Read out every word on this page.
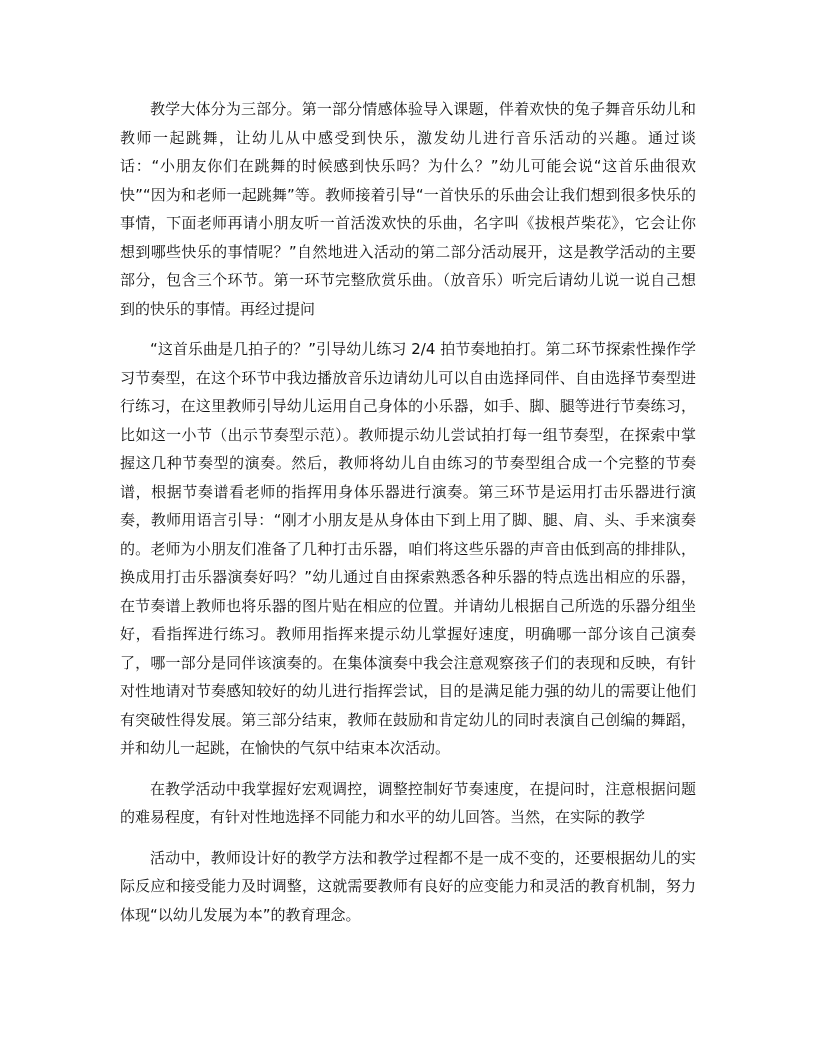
教学大体分为三部分。第一部分情感体验导入课题，伴着欢快的兔子舞音乐幼儿和教师一起跳舞，让幼儿从中感受到快乐，激发幼儿进行音乐活动的兴趣。通过谈话：“小朋友你们在跳舞的时候感到快乐吗？为什么？”幼儿可能会说“这首乐曲很欢快”“因为和老师一起跳舞”等。教师接着引导“一首快乐的乐曲会让我们想到很多快乐的事情，下面老师再请小朋友听一首活泼欢快的乐曲，名字叫《拔根芦柴花》，它会让你想到哪些快乐的事情呢？”自然地进入活动的第二部分活动展开，这是教学活动的主要部分，包含三个环节。第一环节完整欣赏乐曲。（放音乐）听完后请幼儿说一说自己想到的快乐的事情。再经过提问

“这首乐曲是几拍子的？”引导幼儿练习 2/4 拍节奏地拍打。第二环节探索性操作学习节奏型，在这个环节中我边播放音乐边请幼儿可以自由选择同伴、自由选择节奏型进行练习，在这里教师引导幼儿运用自己身体的小乐器，如手、脚、腿等进行节奏练习，比如这一小节（出示节奏型示范）。教师提示幼儿尝试拍打每一组节奏型，在探索中掌握这几种节奏型的演奏。然后，教师将幼儿自由练习的节奏型组合成一个完整的节奏谱，根据节奏谱看老师的指挥用身体乐器进行演奏。第三环节是运用打击乐器进行演奏，教师用语言引导：“刚才小朋友是从身体由下到上用了脚、腿、肩、头、手来演奏的。老师为小朋友们准备了几种打击乐器，咱们将这些乐器的声音由低到高的排排队，换成用打击乐器演奏好吗？”幼儿通过自由探索熟悉各种乐器的特点选出相应的乐器，在节奏谱上教师也将乐器的图片贴在相应的位置。并请幼儿根据自己所选的乐器分组坐好，看指挥进行练习。教师用指挥来提示幼儿掌握好速度，明确哪一部分该自己演奏了，哪一部分是同伴该演奏的。在集体演奏中我会注意观察孩子们的表现和反映，有针对性地请对节奏感知较好的幼儿进行指挥尝试，目的是满足能力强的幼儿的需要让他们有突破性得发展。第三部分结束，教师在鼓励和肯定幼儿的同时表演自己创编的舞蹈，并和幼儿一起跳，在愉快的气氛中结束本次活动。

在教学活动中我掌握好宏观调控，调整控制好节奏速度，在提问时，注意根据问题的难易程度，有针对性地选择不同能力和水平的幼儿回答。当然，在实际的教学

活动中，教师设计好的教学方法和教学过程都不是一成不变的，还要根据幼儿的实际反应和接受能力及时调整，这就需要教师有良好的应变能力和灵活的教育机制，努力体现“以幼儿发展为本”的教育理念。
